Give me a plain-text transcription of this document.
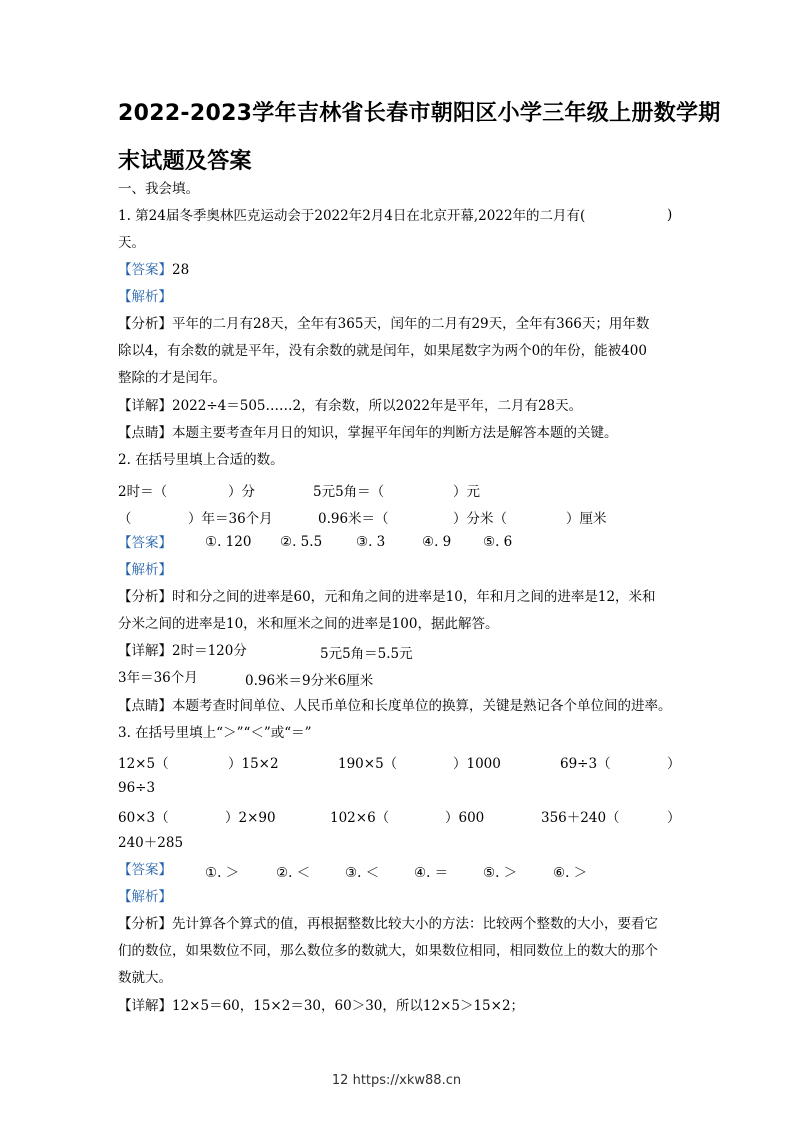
2022-2023学年吉林省长春市朝阳区小学三年级上册数学期
末试题及答案
一、我会填。
1. 第24届冬季奥林匹克运动会于2022年2月4日在北京开幕,2022年的二月有(	)
天。
【答案】28
【解析】
【分析】平年的二月有28天，全年有365天，闰年的二月有29天，全年有366天；用年数
除以4，有余数的就是平年，没有余数的就是闰年，如果尾数字为两个0的年份，能被400
整除的才是闰年。
【详解】2022÷4＝505……2，有余数，所以2022年是平年，二月有28天。
【点睛】本题主要考查年月日的知识，掌握平年闰年的判断方法是解答本题的关键。
2. 在括号里填上合适的数。
2时＝（	）分	5元5角＝（	）元
（	）年＝36个月	0.96米＝（	）分米（	）厘米
【答案】 ①. 120 ②. 5.5	③. 3	④. 9 ⑤. 6
【解析】
【分析】时和分之间的进率是60，元和角之间的进率是10，年和月之间的进率是12，米和
分米之间的进率是10，米和厘米之间的进率是100，据此解答。
【详解】2时＝120分	5元5角＝5.5元
3年＝36个月	0.96米＝9分米6厘米
【点睛】本题考查时间单位、人民币单位和长度单位的换算，关键是熟记各个单位间的进率。
3. 在括号里填上“＞”“＜”或“＝”
12×5（	）15×2	190×5（	）1000	69÷3（	）
96÷3
60×3（	）2×90	102×6（	）600	356＋240（	）
240＋285
【答案】 ①. ＞	②. ＜	③. ＜	④. ＝	⑤. ＞	⑥. ＞
【解析】
【分析】先计算各个算式的值，再根据整数比较大小的方法：比较两个整数的大小，要看它
们的数位，如果数位不同，那么数位多的数就大，如果数位相同，相同数位上的数大的那个
数就大。
【详解】12×5＝60，15×2＝30，60＞30，所以12×5＞15×2；
12 https://xkw88.cn
